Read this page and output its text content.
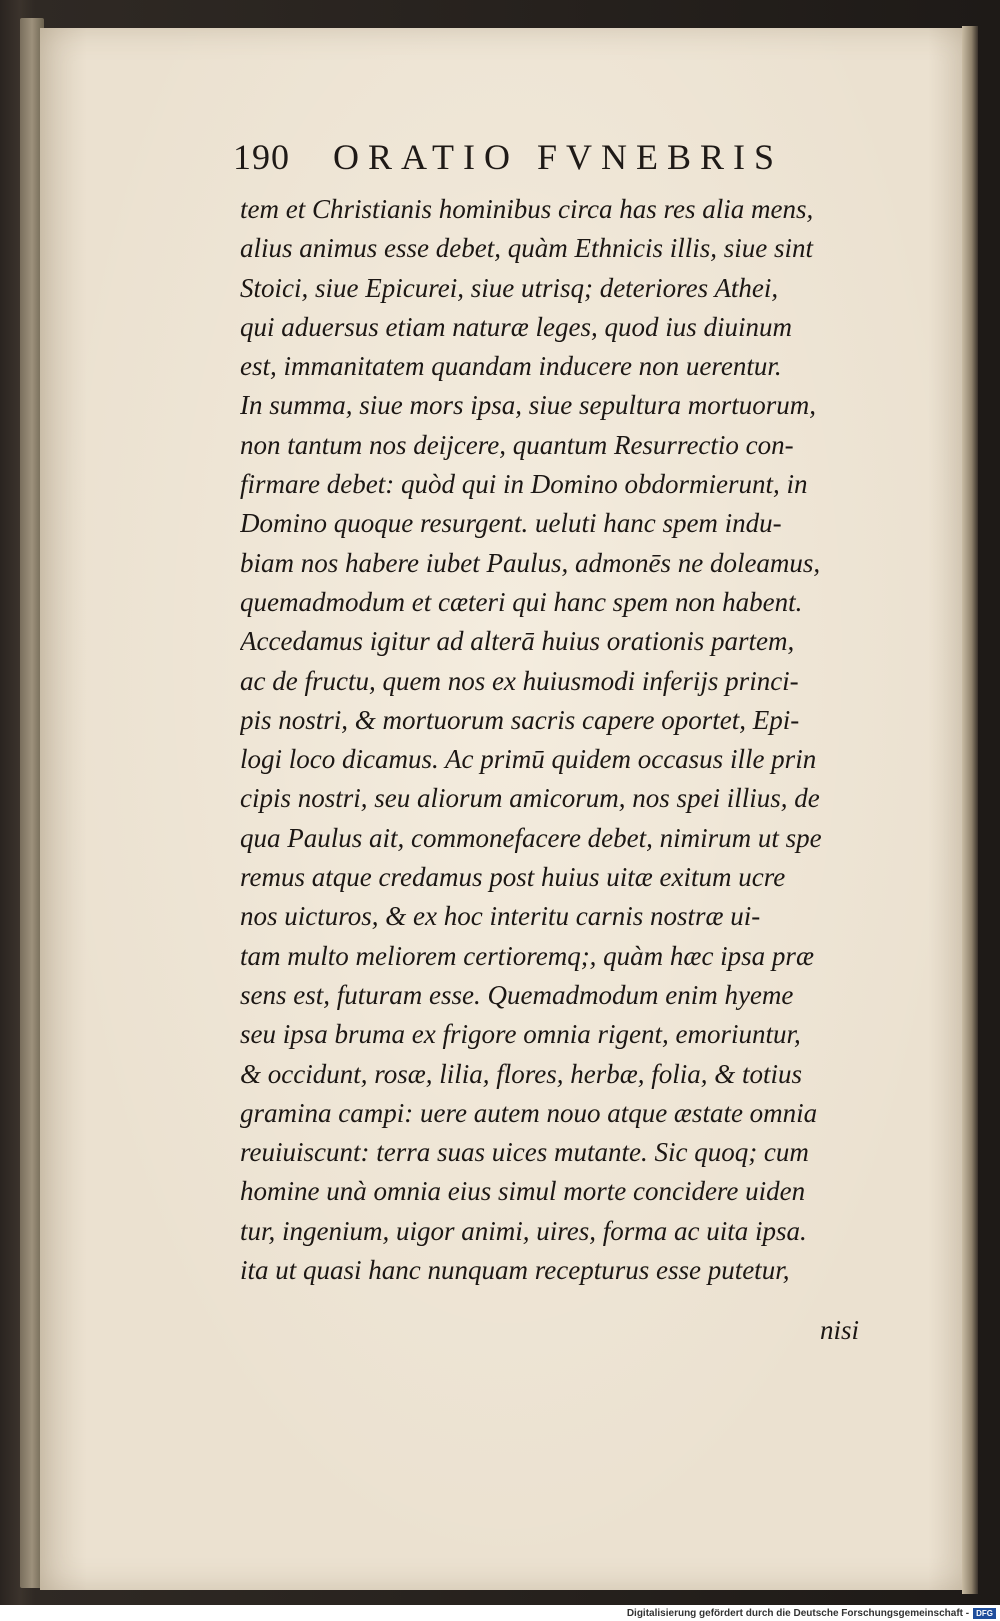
190	ORATIO FVNEBRIS
tem et Christianis hominibus circa has res alia mens,
alius animus esse debet, quàm Ethnicis illis, siue sint
Stoici, siue Epicurei, siue utrisq; deteriores Athei,
qui aduersus etiam naturæ leges, quod ius diuinum
est, immanitatem quandam inducere non uerentur.
In summa, siue mors ipsa, siue sepultura mortuorum,
non tantum nos deijcere, quantum Resurrectio con-
firmare debet: quòd qui in Domino obdormierunt, in
Domino quoque resurgent. ueluti hanc spem indu-
biam nos habere iubet Paulus, admonēs ne doleamus,
quemadmodum et cæteri qui hanc spem non habent.
Accedamus igitur ad alterā huius orationis partem,
ac de fructu, quem nos ex huiusmodi inferijs princi-
pis nostri, & mortuorum sacris capere oportet, Epi-
logi loco dicamus. Ac primū quidem occasus ille prin
cipis nostri, seu aliorum amicorum, nos spei illius, de
qua Paulus ait, commonefacere debet, nimirum ut spe
remus atque credamus post huius uitæ exitum ucre
nos uicturos, & ex hoc interitu carnis nostræ ui-
tam multo meliorem certioremq;, quàm hæc ipsa præ
sens est, futuram esse. Quemadmodum enim hyeme
seu ipsa bruma ex frigore omnia rigent, emoriuntur,
& occidunt, rosæ, lilia, flores, herbæ, folia, & totius
gramina campi: uere autem nouo atque æstate omnia
reuiuiscunt: terra suas uices mutante. Sic quoq; cum
homine unà omnia eius simul morte concidere uiden
tur, ingenium, uigor animi, uires, forma ac uita ipsa.
ita ut quasi hanc nunquam recepturus esse putetur,
nisi
Digitalisierung gefördert durch die Deutsche Forschungsgemeinschaft - DFG
